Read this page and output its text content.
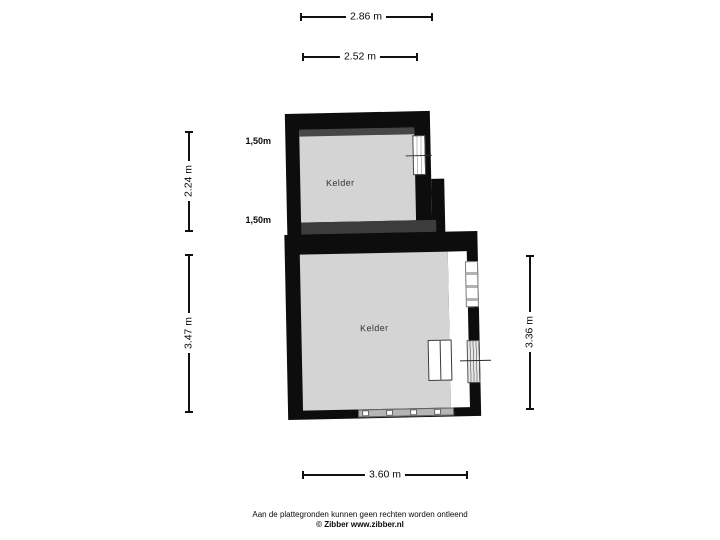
Kelder
Kelder
2.86 m
2.52 m
2.24 m
3.47 m	3.36 m
3.60 m
1,50m
1,50m
Aan de plattegronden kunnen geen rechten worden ontleend
© Zibber www.zibber.nl
